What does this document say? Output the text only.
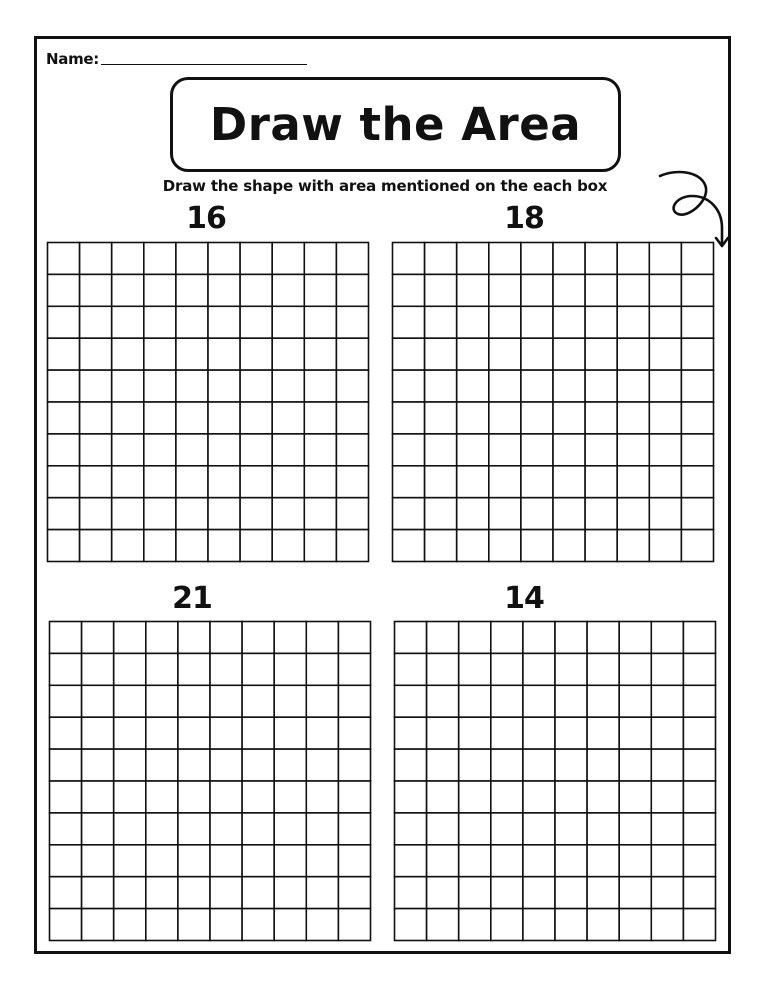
Name:
Draw the Area
Draw the shape with area mentioned on the each box
16	18
21	14
